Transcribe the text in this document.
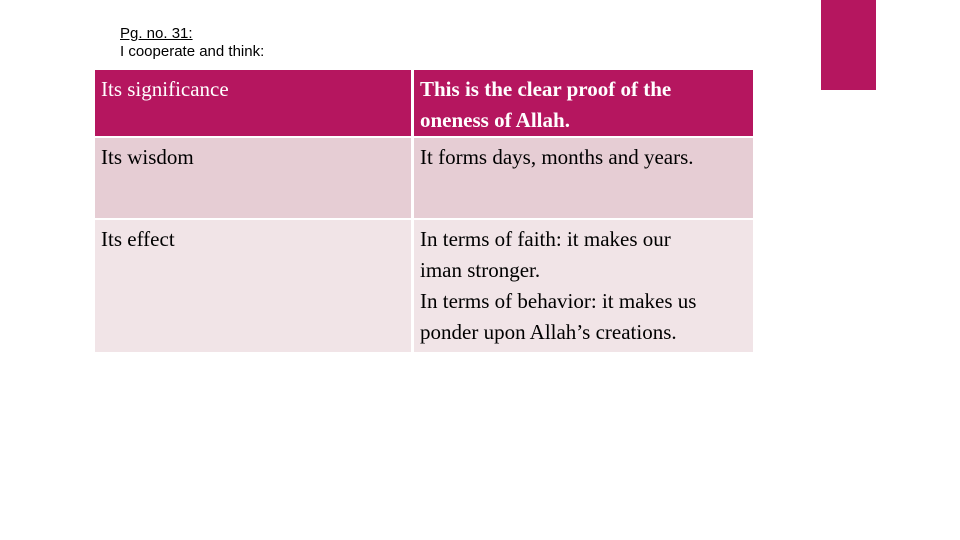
Pg. no. 31:
I cooperate and think:
Its significance	This is the clear proof of the
oneness of Allah.

Its wisdom	It forms days, months and years.

Its effect	In terms of faith: it makes our
iman stronger.
In terms of behavior: it makes us
ponder upon Allah’s creations.
